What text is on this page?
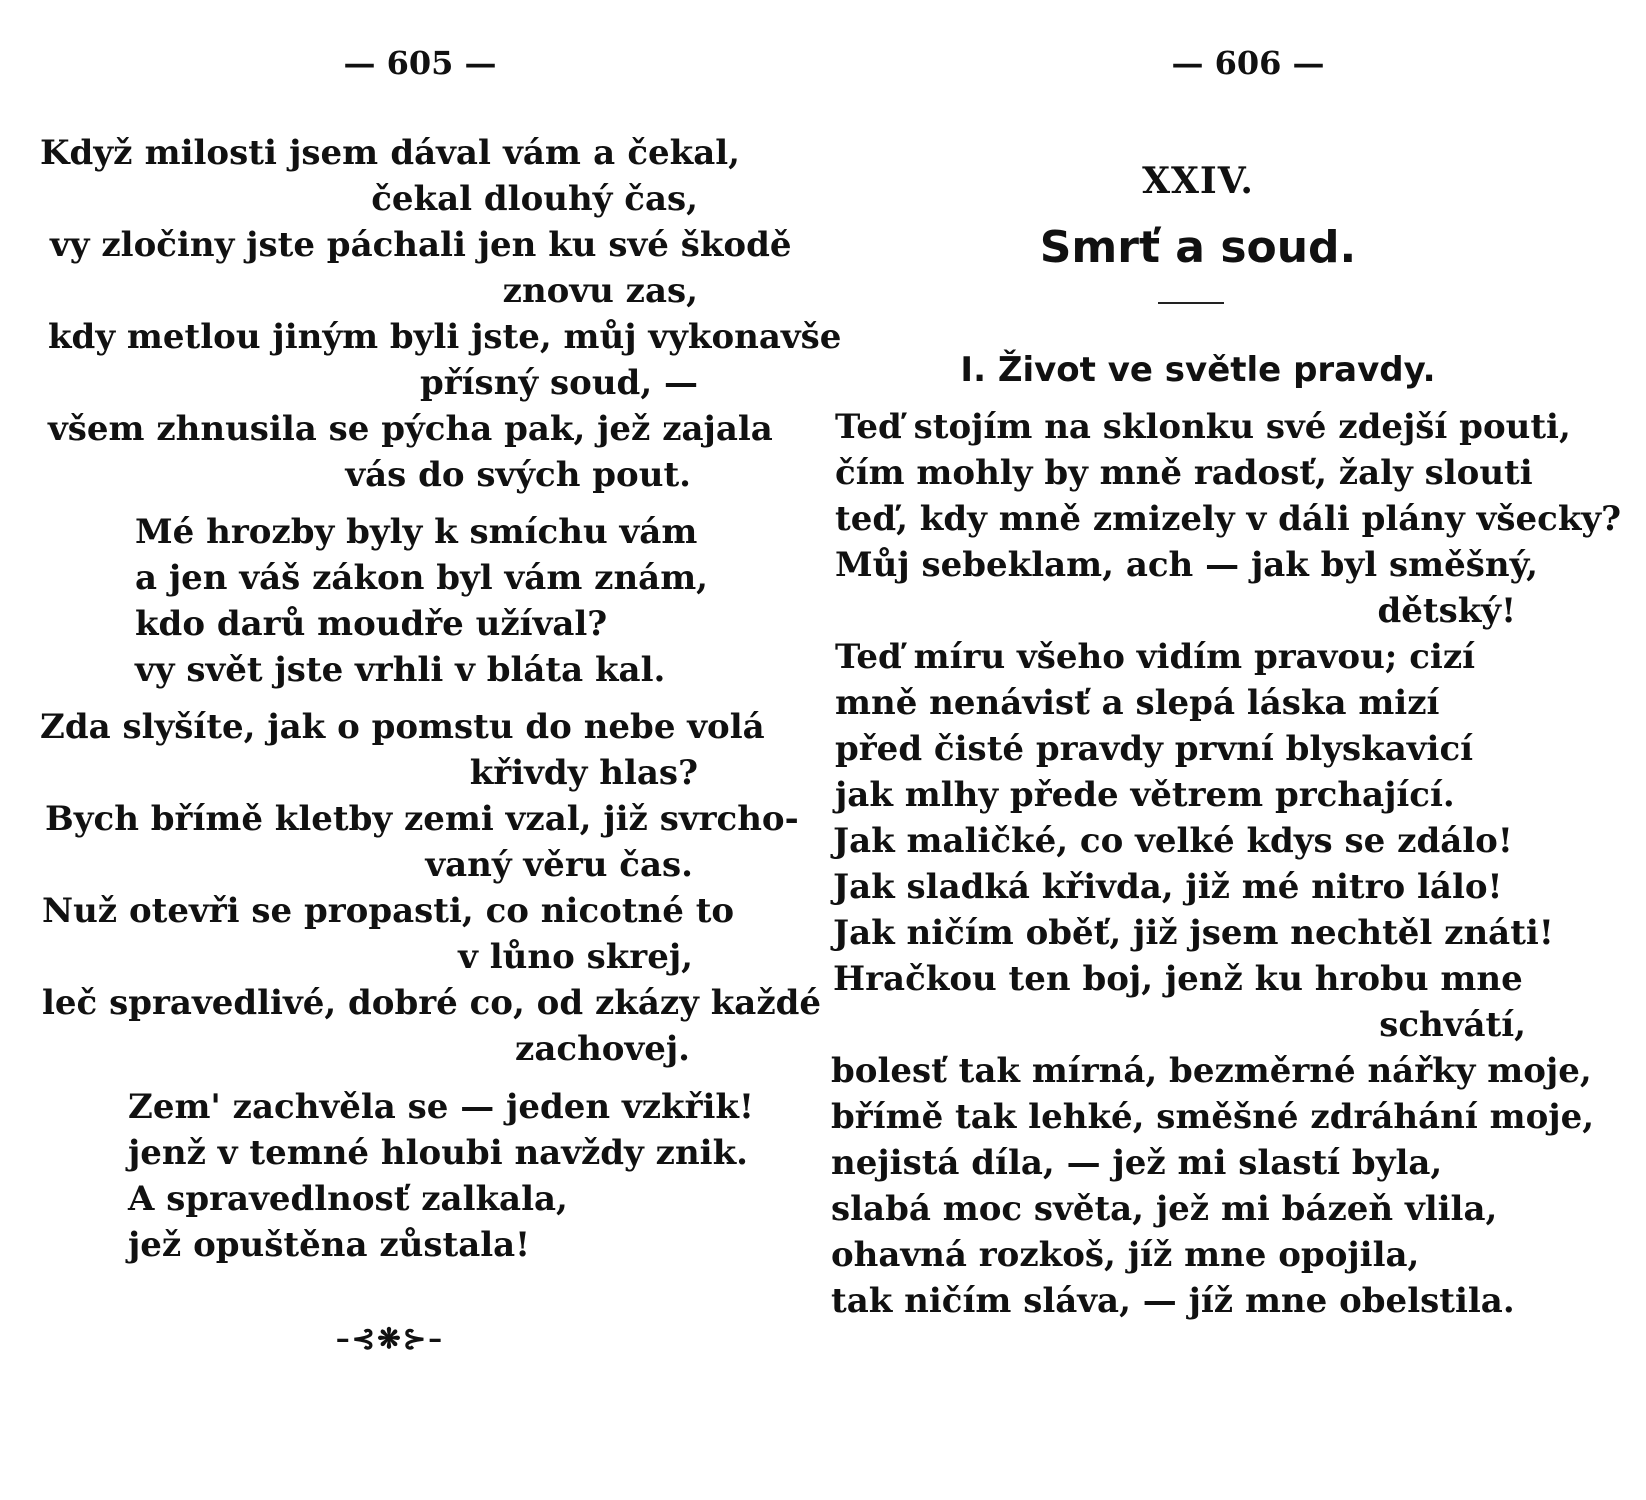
— 605 —
Když milosti jsem dával vám a čekal,
čekal dlouhý čas,
vy zločiny jste páchali jen ku své škodě
znovu zas,
kdy metlou jiným byli jste, můj vykonavše
přísný soud, —
všem zhnusila se pýcha pak, jež zajala
vás do svých pout.
Mé hrozby byly k smíchu vám
a jen váš zákon byl vám znám,
kdo darů moudře užíval?
vy svět jste vrhli v bláta kal.
Zda slyšíte, jak o pomstu do nebe volá
křivdy hlas?
Bych břímě kletby zemi vzal, již svrcho-
vaný věru čas.
Nuž otevři se propasti, co nicotné to
v lůno skrej,
leč spravedlivé, dobré co, od zkázy každé
zachovej.
Zem' zachvěla se — jeden vzkřik!
jenž v temné hloubi navždy znik.
A spravedlnosť zalkala,
jež opuštěna zůstala!
–⊰❋⊱–
— 606 —
XXIV.
Smrť a soud.
I. Život ve světle pravdy.
Teď stojím na sklonku své zdejší pouti,
čím mohly by mně radosť, žaly slouti
teď, kdy mně zmizely v dáli plány všecky?
Můj sebeklam, ach — jak byl směšný,
dětský!
Teď míru všeho vidím pravou; cizí
mně nenávisť a slepá láska mizí
před čisté pravdy první blyskavicí
jak mlhy přede větrem prchající.
Jak maličké, co velké kdys se zdálo!
Jak sladká křivda, již mé nitro lálo!
Jak ničím oběť, již jsem nechtěl znáti!
Hračkou ten boj, jenž ku hrobu mne
schvátí,
bolesť tak mírná, bezměrné nářky moje,
břímě tak lehké, směšné zdráhání moje,
nejistá díla, — jež mi slastí byla,
slabá moc světa, jež mi bázeň vlila,
ohavná rozkoš, jíž mne opojila,
tak ničím sláva, — jíž mne obelstila.
